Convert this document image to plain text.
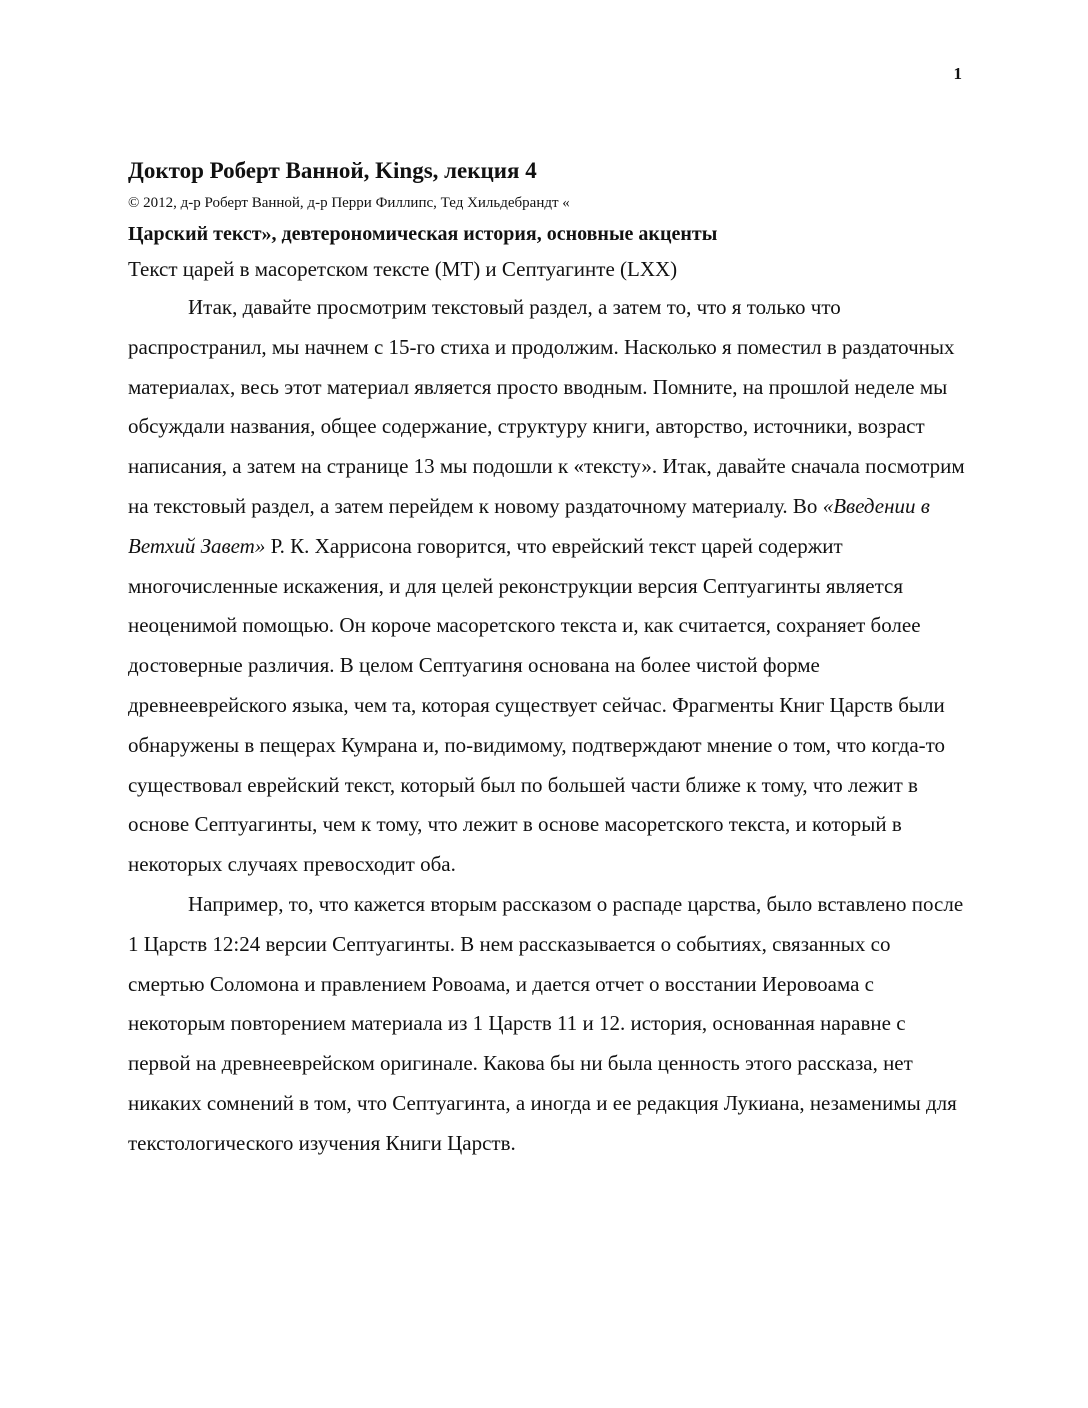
1
Доктор Роберт Ванной, Kings, лекция 4

© 2012, д-р Роберт Ванной, д-р Перри Филлипс, Тед Хильдебрандт «

Царский текст», девтерономическая история, основные акценты

Текст царей в масоретском тексте (МТ) и Септуагинте (LXX)

Итак, давайте просмотрим текстовый раздел, а затем то, что я только что распространил, мы начнем с 15-го стиха и продолжим. Насколько я поместил в раздаточных материалах, весь этот материал является просто вводным. Помните, на прошлой неделе мы обсуждали названия, общее содержание, структуру книги, авторство, источники, возраст написания, а затем на странице 13 мы подошли к «тексту». Итак, давайте сначала посмотрим на текстовый раздел, а затем перейдем к новому раздаточному материалу. Во «Введении в Ветхий Завет» Р. К. Харрисона говорится, что еврейский текст царей содержит многочисленные искажения, и для целей реконструкции версия Септуагинты является неоценимой помощью. Он короче масоретского текста и, как считается, сохраняет более достоверные различия. В целом Септуагиня основана на более чистой форме древнееврейского языка, чем та, которая существует сейчас. Фрагменты Книг Царств были обнаружены в пещерах Кумрана и, по-видимому, подтверждают мнение о том, что когда-то существовал еврейский текст, который был по большей части ближе к тому, что лежит в основе Септуагинты, чем к тому, что лежит в основе масоретского текста, и который в некоторых случаях превосходит оба.

Например, то, что кажется вторым рассказом о распаде царства, было вставлено после 1 Царств 12:24 версии Септуагинты. В нем рассказывается о событиях, связанных со смертью Соломона и правлением Ровоама, и дается отчет о восстании Иеровоама с некоторым повторением материала из 1 Царств 11 и 12. история, основанная наравне с первой на древнееврейском оригинале. Какова бы ни была ценность этого рассказа, нет никаких сомнений в том, что Септуагинта, а иногда и ее редакция Лукиана, незаменимы для текстологического изучения Книги Царств.
